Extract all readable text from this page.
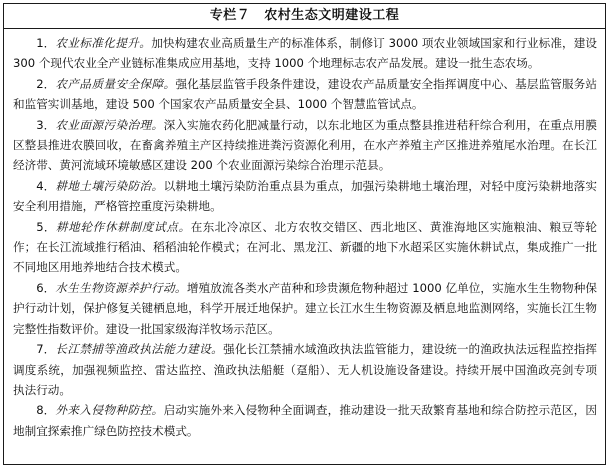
专栏７ 农村生态文明建设工程

1．农业标准化提升。加快构建农业高质量生产的标准体系，制修订 3000 项农业领域国家和行业标准，建设 300 个现代农业全产业链标准集成应用基地，支持 1000 个地理标志农产品发展。建设一批生态农场。

2．农产品质量安全保障。强化基层监管手段条件建设，建设农产品质量安全指挥调度中心、基层监管服务站和监管实训基地，建设 500 个国家农产品质量安全县、1000 个智慧监管试点。

3．农业面源污染治理。深入实施农药化肥减量行动，以东北地区为重点整县推进秸秆综合利用，在重点用膜区整县推进农膜回收，在畜禽养殖主产区持续推进粪污资源化利用，在水产养殖主产区推进养殖尾水治理。在长江经济带、黄河流域环境敏感区建设 200 个农业面源污染综合治理示范县。

4．耕地土壤污染防治。以耕地土壤污染防治重点县为重点，加强污染耕地土壤治理，对轻中度污染耕地落实安全利用措施，严格管控重度污染耕地。

5．耕地轮作休耕制度试点。在东北冷凉区、北方农牧交错区、西北地区、黄淮海地区实施粮油、粮豆等轮作；在长江流域推行稻油、稻稻油轮作模式；在河北、黑龙江、新疆的地下水超采区实施休耕试点，集成推广一批不同地区用地养地结合技术模式。

6．水生生物资源养护行动。增殖放流各类水产苗种和珍贵濒危物种超过 1000 亿单位，实施水生生物物种保护行动计划，保护修复关键栖息地，科学开展迁地保护。建立长江水生生物资源及栖息地监测网络，实施长江生物完整性指数评价。建设一批国家级海洋牧场示范区。

7．长江禁捕等渔政执法能力建设。强化长江禁捕水域渔政执法监管能力，建设统一的渔政执法远程监控指挥调度系统，加强视频监控、雷达监控、渔政执法船艇（趸船）、无人机设施设备建设。持续开展中国渔政亮剑专项执法行动。

8．外来入侵物种防控。启动实施外来入侵物种全面调查，推动建设一批天敌繁育基地和综合防控示范区，因地制宜探索推广绿色防控技术模式。
